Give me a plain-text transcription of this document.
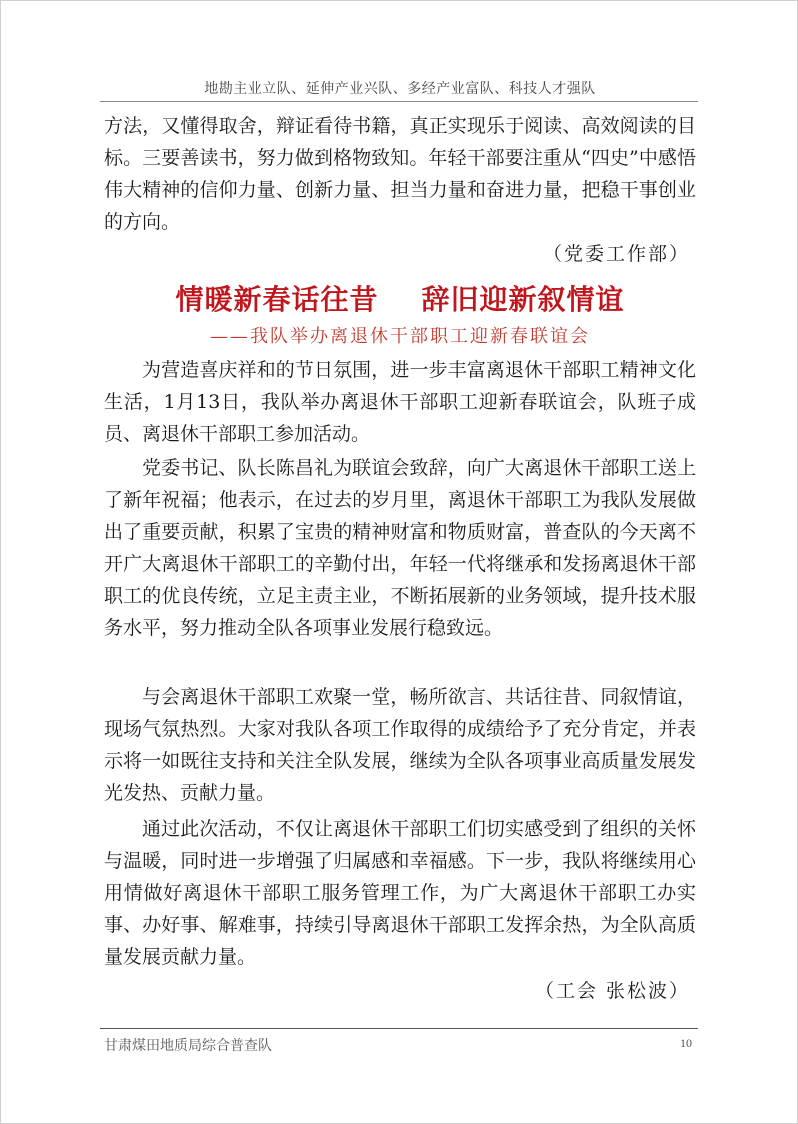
地勘主业立队、延伸产业兴队、多经产业富队、科技人才强队

方法，又懂得取舍，辩证看待书籍，真正实现乐于阅读、高效阅读的目标。三要善读书，努力做到格物致知。年轻干部要注重从“四史”中感悟伟大精神的信仰力量、创新力量、担当力量和奋进力量，把稳干事创业的方向。

（党委工作部）
情暖新春话往昔    辞旧迎新叙情谊
——我队举办离退休干部职工迎新春联谊会

为营造喜庆祥和的节日氛围，进一步丰富离退休干部职工精神文化生活，1月13日，我队举办离退休干部职工迎新春联谊会，队班子成员、离退休干部职工参加活动。

党委书记、队长陈昌礼为联谊会致辞，向广大离退休干部职工送上了新年祝福；他表示，在过去的岁月里，离退休干部职工为我队发展做出了重要贡献，积累了宝贵的精神财富和物质财富，普查队的今天离不开广大离退休干部职工的辛勤付出，年轻一代将继承和发扬离退休干部职工的优良传统，立足主责主业，不断拓展新的业务领域，提升技术服务水平，努力推动全队各项事业发展行稳致远。

与会离退休干部职工欢聚一堂，畅所欲言、共话往昔、同叙情谊，现场气氛热烈。大家对我队各项工作取得的成绩给予了充分肯定，并表示将一如既往支持和关注全队发展，继续为全队各项事业高质量发展发光发热、贡献力量。

通过此次活动，不仅让离退休干部职工们切实感受到了组织的关怀与温暖，同时进一步增强了归属感和幸福感。下一步，我队将继续用心用情做好离退休干部职工服务管理工作，为广大离退休干部职工办实事、办好事、解难事，持续引导离退休干部职工发挥余热，为全队高质量发展贡献力量。

（工会 张松波）
甘肃煤田地质局综合普查队	10
